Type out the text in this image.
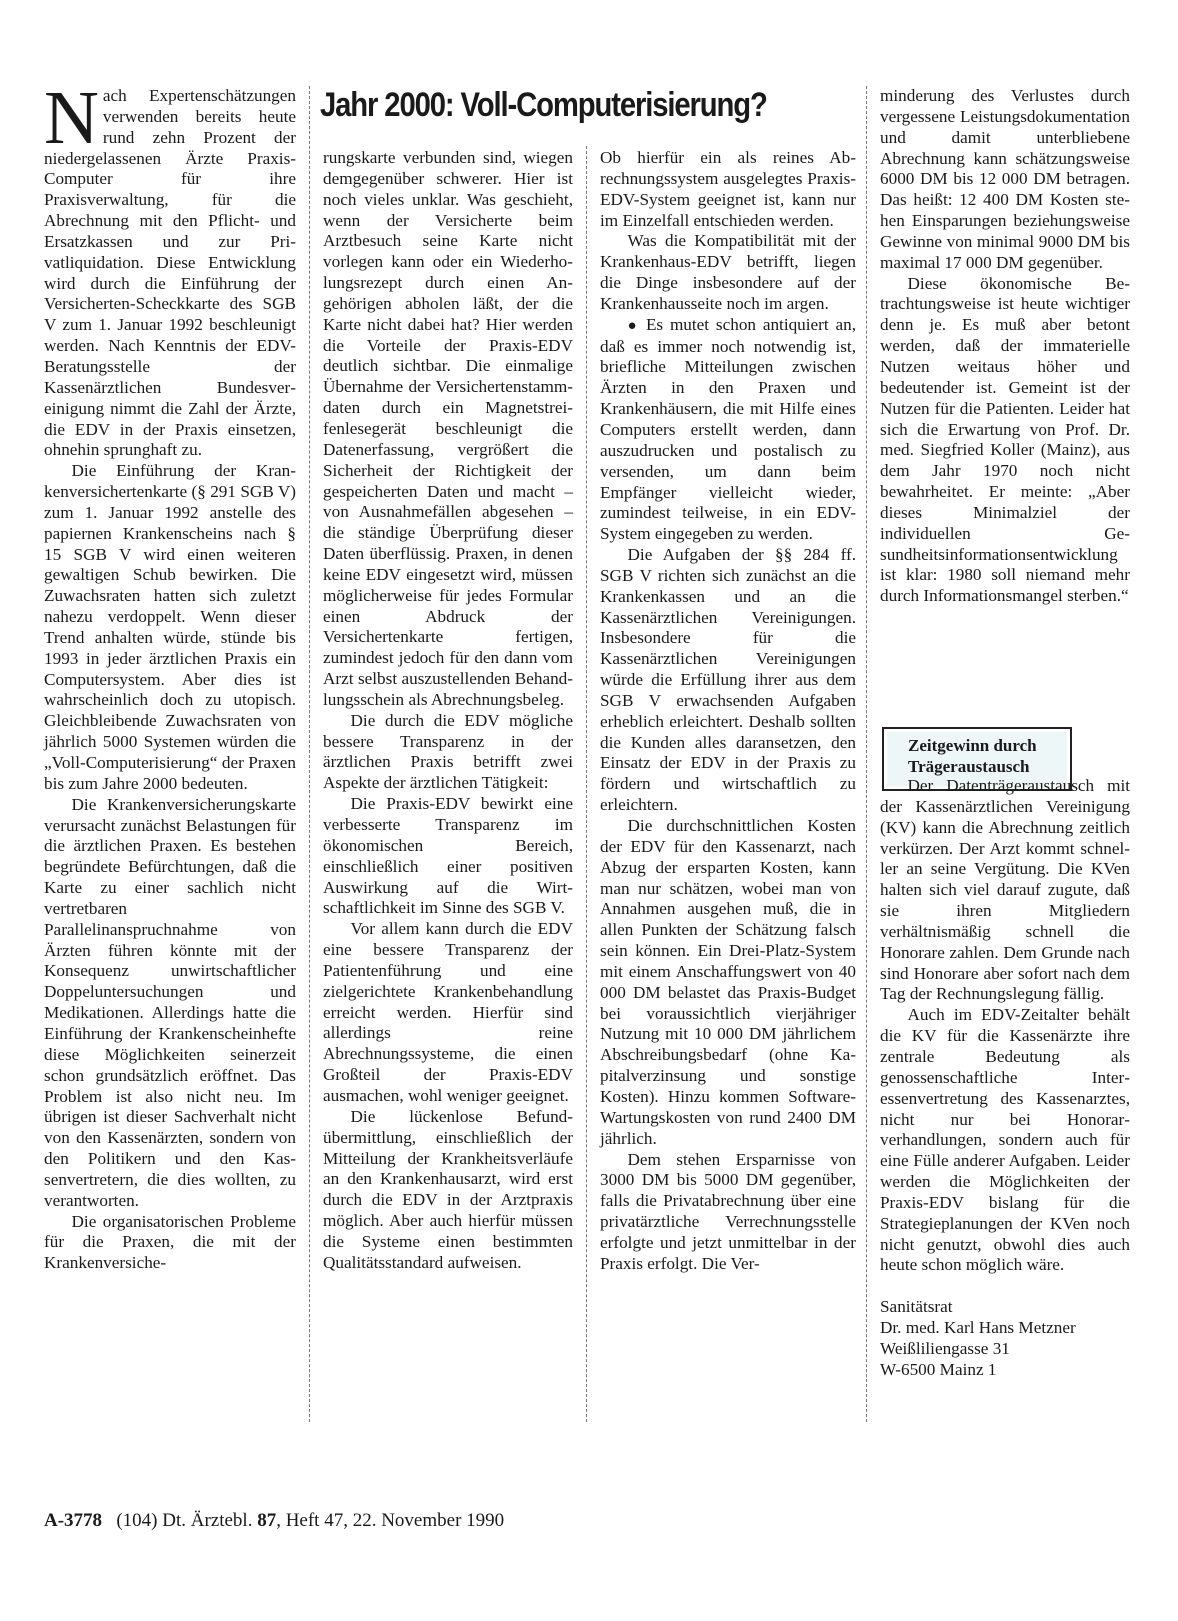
Jahr 2000: Voll-Computerisierung?

Nach Expertenschätzungen verwenden bereits heute rund zehn Prozent der niedergelassenen Ärzte Praxis-Computer für ihre Praxisverwaltung, für die Abrechnung mit den Pflicht- und Ersatzkassen und zur Privatliquidation. Diese Entwicklung wird durch die Einführung der Versicherten-Scheckkarte des SGB V zum 1. Januar 1992 beschleunigt werden. Nach Kenntnis der EDV-Beratungsstelle der Kassenärztlichen Bundesvereinigung nimmt die Zahl der Ärzte, die EDV in der Praxis einsetzen, ohnehin sprunghaft zu.

Die Einführung der Krankenversichertenkarte (§ 291 SGB V) zum 1. Januar 1992 anstelle des papiernen Krankenscheins nach § 15 SGB V wird einen weiteren gewaltigen Schub bewirken. Die Zuwachsraten hatten sich zuletzt nahezu verdoppelt. Wenn dieser Trend anhalten würde, stünde bis 1993 in jeder ärztlichen Praxis ein Computersystem. Aber dies ist wahrscheinlich doch zu utopisch. Gleichbleibende Zuwachsraten von jährlich 5000 Systemen würden die „Voll-Computerisierung“ der Praxen bis zum Jahre 2000 bedeuten.

Die Krankenversicherungskarte verursacht zunächst Belastungen für die ärztlichen Praxen. Es bestehen begründete Befürchtungen, daß die Karte zu einer sachlich nicht vertretbaren Parallelinanspruchnahme von Ärzten führen könnte mit der Konsequenz unwirtschaftlicher Doppeluntersuchungen und Medikationen. Allerdings hatte die Einführung der Krankenscheinhefte diese Möglichkeiten seinerzeit schon grundsätzlich eröffnet. Das Problem ist also nicht neu. Im übrigen ist dieser Sachverhalt nicht von den Kassenärzten, sondern von den Politikern und den Kassenvertretern, die dies wollten, zu verantworten.

Die organisatorischen Probleme für die Praxen, die mit der Krankenversiche-

rungskarte verbunden sind, wiegen demgegenüber schwerer. Hier ist noch vieles unklar. Was geschieht, wenn der Versicherte beim Arztbesuch seine Karte nicht vorlegen kann oder ein Wiederholungsrezept durch einen Angehörigen abholen läßt, der die Karte nicht dabei hat? Hier werden die Vorteile der Praxis-EDV deutlich sichtbar. Die einmalige Übernahme der Versichertenstammdaten durch ein Magnetstreifenlesegerät beschleunigt die Datenerfassung, vergrößert die Sicherheit der Richtigkeit der gespeicherten Daten und macht – von Ausnahmefällen abgesehen – die ständige Überprüfung dieser Daten überflüssig. Praxen, in denen keine EDV eingesetzt wird, müssen möglicherweise für jedes Formular einen Abdruck der Versichertenkarte fertigen, zumindest jedoch für den dann vom Arzt selbst auszustellenden Behandlungsschein als Abrechnungsbeleg.

Die durch die EDV mögliche bessere Transparenz in der ärztlichen Praxis betrifft zwei Aspekte der ärztlichen Tätigkeit:

Die Praxis-EDV bewirkt eine verbesserte Transparenz im ökonomischen Bereich, einschließlich einer positiven Auswirkung auf die Wirtschaftlichkeit im Sinne des SGB V.

Vor allem kann durch die EDV eine bessere Transparenz der Patientenführung und eine zielgerichtete Krankenbehandlung erreicht werden. Hierfür sind allerdings reine Abrechnungssysteme, die einen Großteil der Praxis-EDV ausmachen, wohl weniger geeignet.

Die lückenlose Befundübermittlung, einschließlich der Mitteilung der Krankheitsverläufe an den Krankenhausarzt, wird erst durch die EDV in der Arztpraxis möglich. Aber auch hierfür müssen die Systeme einen bestimmten Qualitätsstandard aufweisen.

Ob hierfür ein als reines Abrechnungssystem ausgelegtes Praxis-EDV-System geeignet ist, kann nur im Einzelfall entschieden werden.

Was die Kompatibilität mit der Krankenhaus-EDV betrifft, liegen die Dinge insbesondere auf der Krankenhausseite noch im argen.

● Es mutet schon antiquiert an, daß es immer noch notwendig ist, briefliche Mitteilungen zwischen Ärzten in den Praxen und Krankenhäusern, die mit Hilfe eines Computers erstellt werden, dann auszudrucken und postalisch zu versenden, um dann beim Empfänger vielleicht wieder, zumindest teilweise, in ein EDV-System eingegeben zu werden.

Die Aufgaben der §§ 284 ff. SGB V richten sich zunächst an die Krankenkassen und an die Kassenärztlichen Vereinigungen. Insbesondere für die Kassenärztlichen Vereinigungen würde die Erfüllung ihrer aus dem SGB V erwachsenden Aufgaben erheblich erleichtert. Deshalb sollten die Kunden alles daransetzen, den Einsatz der EDV in der Praxis zu fördern und wirtschaftlich zu erleichtern.

Die durchschnittlichen Kosten der EDV für den Kassenarzt, nach Abzug der ersparten Kosten, kann man nur schätzen, wobei man von Annahmen ausgehen muß, die in allen Punkten der Schätzung falsch sein können. Ein Drei-Platz-System mit einem Anschaffungswert von 40 000 DM belastet das Praxis-Budget bei voraussichtlich vierjähriger Nutzung mit 10 000 DM jährlichem Abschreibungsbedarf (ohne Kapitalverzinsung und sonstige Kosten). Hinzu kommen Software-Wartungskosten von rund 2400 DM jährlich.

Dem stehen Ersparnisse von 3000 DM bis 5000 DM gegenüber, falls die Privatabrechnung über eine privatärztliche Verrechnungsstelle erfolgte und jetzt unmittelbar in der Praxis erfolgt. Die Ver-

minderung des Verlustes durch vergessene Leistungsdokumentation und damit unterbliebene Abrechnung kann schätzungsweise 6000 DM bis 12 000 DM betragen. Das heißt: 12 400 DM Kosten stehen Einsparungen beziehungsweise Gewinne von minimal 9000 DM bis maximal 17 000 DM gegenüber.

Diese ökonomische Betrachtungsweise ist heute wichtiger denn je. Es muß aber betont werden, daß der immaterielle Nutzen weitaus höher und bedeutender ist. Gemeint ist der Nutzen für die Patienten. Leider hat sich die Erwartung von Prof. Dr. med. Siegfried Koller (Mainz), aus dem Jahr 1970 noch nicht bewahrheitet. Er meinte: „Aber dieses Minimalziel der individuellen Gesundheitsinformationsentwicklung ist klar: 1980 soll niemand mehr durch Informationsmangel sterben.“

Zeitgewinn durch Trägeraustausch

Der Datenträgeraustausch mit der Kassenärztlichen Vereinigung (KV) kann die Abrechnung zeitlich verkürzen. Der Arzt kommt schneller an seine Vergütung. Die KVen halten sich viel darauf zugute, daß sie ihren Mitgliedern verhältnismäßig schnell die Honorare zahlen. Dem Grunde nach sind Honorare aber sofort nach dem Tag der Rechnungslegung fällig.

Auch im EDV-Zeitalter behält die KV für die Kassenärzte ihre zentrale Bedeutung als genossenschaftliche Interessenvertretung des Kassenarztes, nicht nur bei Honorarverhandlungen, sondern auch für eine Fülle anderer Aufgaben. Leider werden die Möglichkeiten der Praxis-EDV bislang für die Strategieplanungen der KVen noch nicht genutzt, obwohl dies auch heute schon möglich wäre.

Sanitätsrat

Dr. med. Karl Hans Metzner

Weißliliengasse 31

W-6500 Mainz 1

A-3778 (104) Dt. Ärztebl. 87, Heft 47, 22. November 1990
